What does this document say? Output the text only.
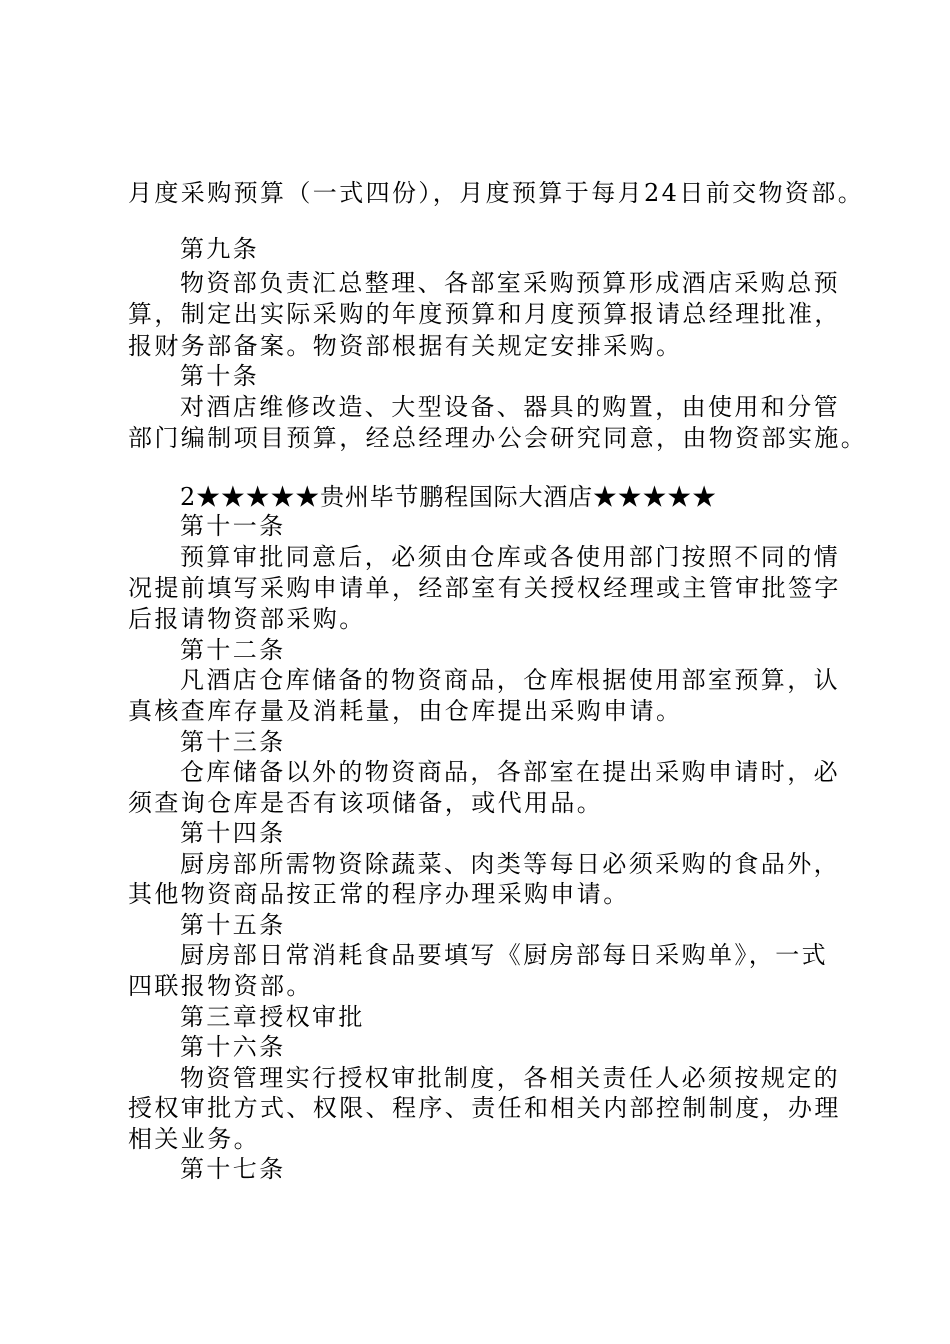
月度采购预算（一式四份），月度预算于每月24日前交物资部。
第九条
物资部负责汇总整理、各部室采购预算形成酒店采购总预
算，制定出实际采购的年度预算和月度预算报请总经理批准，
报财务部备案。物资部根据有关规定安排采购。
第十条
对酒店维修改造、大型设备、器具的购置，由使用和分管
部门编制项目预算，经总经理办公会研究同意，由物资部实施。
2★★★★★贵州毕节鹏程国际大酒店★★★★★
第十一条
预算审批同意后，必须由仓库或各使用部门按照不同的情
况提前填写采购申请单，经部室有关授权经理或主管审批签字
后报请物资部采购。
第十二条
凡酒店仓库储备的物资商品，仓库根据使用部室预算，认
真核查库存量及消耗量，由仓库提出采购申请。
第十三条
仓库储备以外的物资商品，各部室在提出采购申请时，必
须查询仓库是否有该项储备，或代用品。
第十四条
厨房部所需物资除蔬菜、肉类等每日必须采购的食品外，
其他物资商品按正常的程序办理采购申请。
第十五条
厨房部日常消耗食品要填写《厨房部每日采购单》，一式
四联报物资部。
第三章授权审批
第十六条
物资管理实行授权审批制度，各相关责任人必须按规定的
授权审批方式、权限、程序、责任和相关内部控制制度，办理
相关业务。
第十七条
